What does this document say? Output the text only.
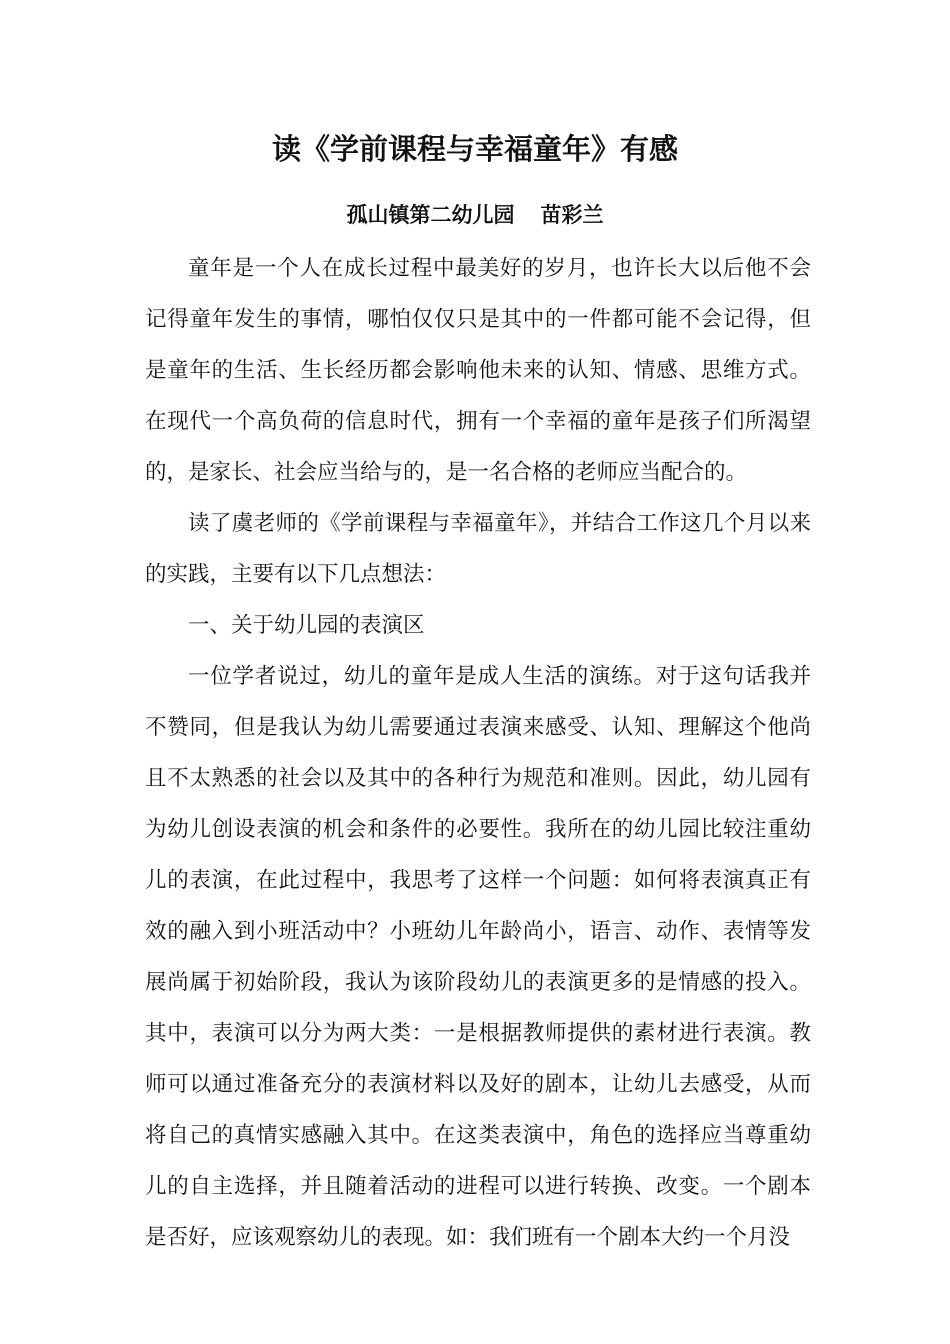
读《学前课程与幸福童年》有感
孤山镇第二幼儿园 苗彩兰

童年是一个人在成长过程中最美好的岁月，也许长大以后他不会记得童年发生的事情，哪怕仅仅只是其中的一件都可能不会记得，但是童年的生活、生长经历都会影响他未来的认知、情感、思维方式。在现代一个高负荷的信息时代，拥有一个幸福的童年是孩子们所渴望的，是家长、社会应当给与的，是一名合格的老师应当配合的。

读了虞老师的《学前课程与幸福童年》，并结合工作这几个月以来的实践，主要有以下几点想法：

一、关于幼儿园的表演区

一位学者说过，幼儿的童年是成人生活的演练。对于这句话我并不赞同，但是我认为幼儿需要通过表演来感受、认知、理解这个他尚且不太熟悉的社会以及其中的各种行为规范和准则。因此，幼儿园有为幼儿创设表演的机会和条件的必要性。我所在的幼儿园比较注重幼儿的表演，在此过程中，我思考了这样一个问题：如何将表演真正有效的融入到小班活动中？小班幼儿年龄尚小，语言、动作、表情等发展尚属于初始阶段，我认为该阶段幼儿的表演更多的是情感的投入。其中，表演可以分为两大类：一是根据教师提供的素材进行表演。教师可以通过准备充分的表演材料以及好的剧本，让幼儿去感受，从而将自己的真情实感融入其中。在这类表演中，角色的选择应当尊重幼儿的自主选择，并且随着活动的进程可以进行转换、改变。一个剧本是否好，应该观察幼儿的表现。如：我们班有一个剧本大约一个月没
